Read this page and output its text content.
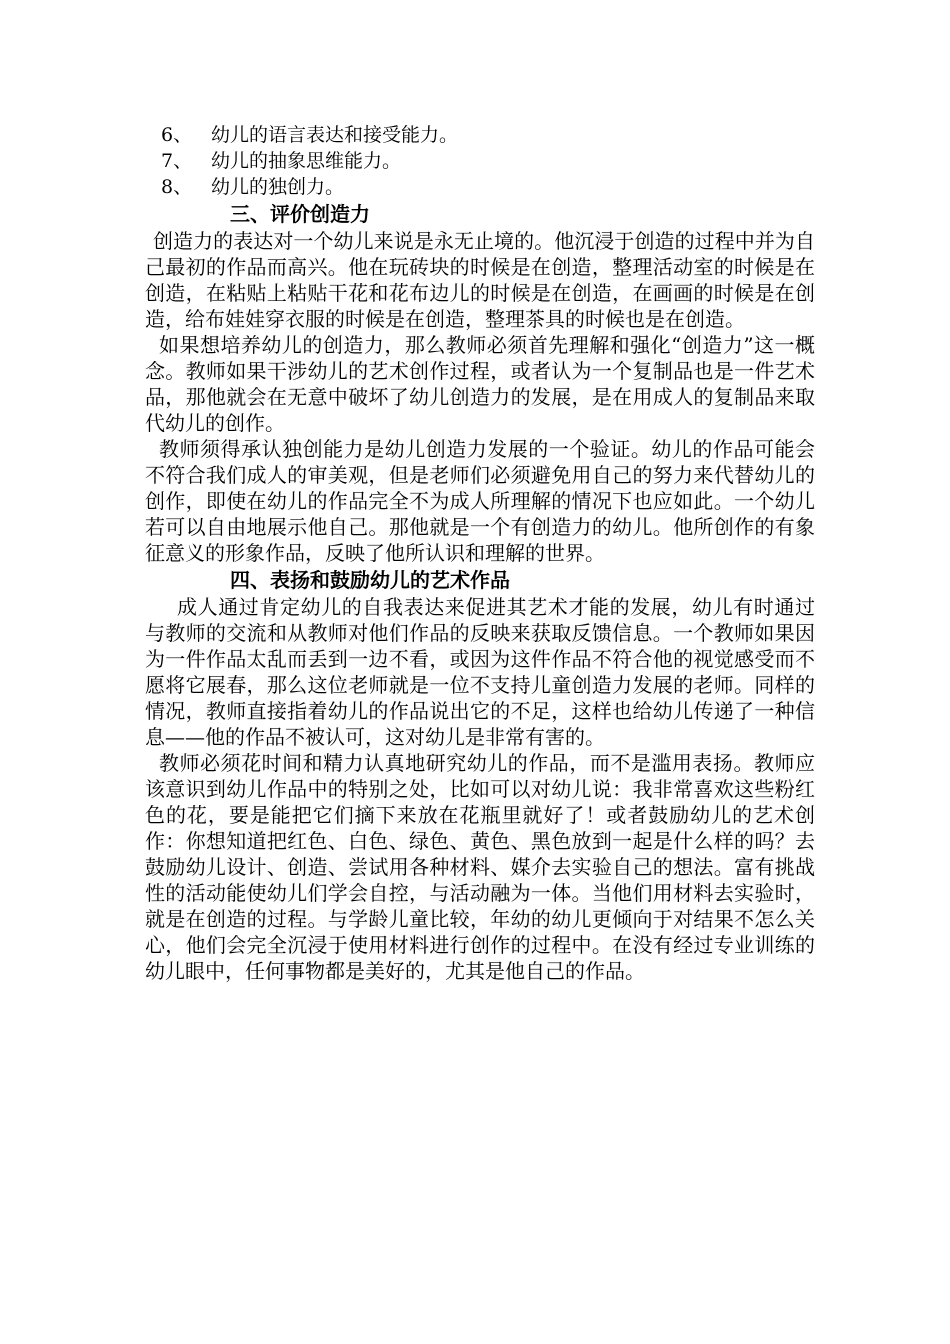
6、 幼儿的语言表达和接受能力。
7、 幼儿的抽象思维能力。
8、 幼儿的独创力。
三、评价创造力

创造力的表达对一个幼儿来说是永无止境的。他沉浸于创造的过程中并为自己最初的作品而高兴。他在玩砖块的时候是在创造，整理活动室的时候是在创造，在粘贴上粘贴干花和花布边儿的时候是在创造，在画画的时候是在创造，给布娃娃穿衣服的时候是在创造，整理茶具的时候也是在创造。

如果想培养幼儿的创造力，那么教师必须首先理解和强化“创造力”这一概念。教师如果干涉幼儿的艺术创作过程，或者认为一个复制品也是一件艺术品，那他就会在无意中破坏了幼儿创造力的发展，是在用成人的复制品来取代幼儿的创作。

教师须得承认独创能力是幼儿创造力发展的一个验证。幼儿的作品可能会不符合我们成人的审美观，但是老师们必须避免用自己的努力来代替幼儿的创作，即使在幼儿的作品完全不为成人所理解的情况下也应如此。一个幼儿若可以自由地展示他自己。那他就是一个有创造力的幼儿。他所创作的有象征意义的形象作品，反映了他所认识和理解的世界。

四、表扬和鼓励幼儿的艺术作品

成人通过肯定幼儿的自我表达来促进其艺术才能的发展，幼儿有时通过与教师的交流和从教师对他们作品的反映来获取反馈信息。一个教师如果因为一件作品太乱而丢到一边不看，或因为这件作品不符合他的视觉感受而不愿将它展春，那么这位老师就是一位不支持儿童创造力发展的老师。同样的情况，教师直接指着幼儿的作品说出它的不足，这样也给幼儿传递了一种信息——他的作品不被认可，这对幼儿是非常有害的。

教师必须花时间和精力认真地研究幼儿的作品，而不是滥用表扬。教师应该意识到幼儿作品中的特别之处，比如可以对幼儿说：我非常喜欢这些粉红色的花，要是能把它们摘下来放在花瓶里就好了！或者鼓励幼儿的艺术创作：你想知道把红色、白色、绿色、黄色、黑色放到一起是什么样的吗？去鼓励幼儿设计、创造、尝试用各种材料、媒介去实验自己的想法。富有挑战性的活动能使幼儿们学会自控，与活动融为一体。当他们用材料去实验时，就是在创造的过程。与学龄儿童比较，年幼的幼儿更倾向于对结果不怎么关心，他们会完全沉浸于使用材料进行创作的过程中。在没有经过专业训练的幼儿眼中，任何事物都是美好的，尤其是他自己的作品。
